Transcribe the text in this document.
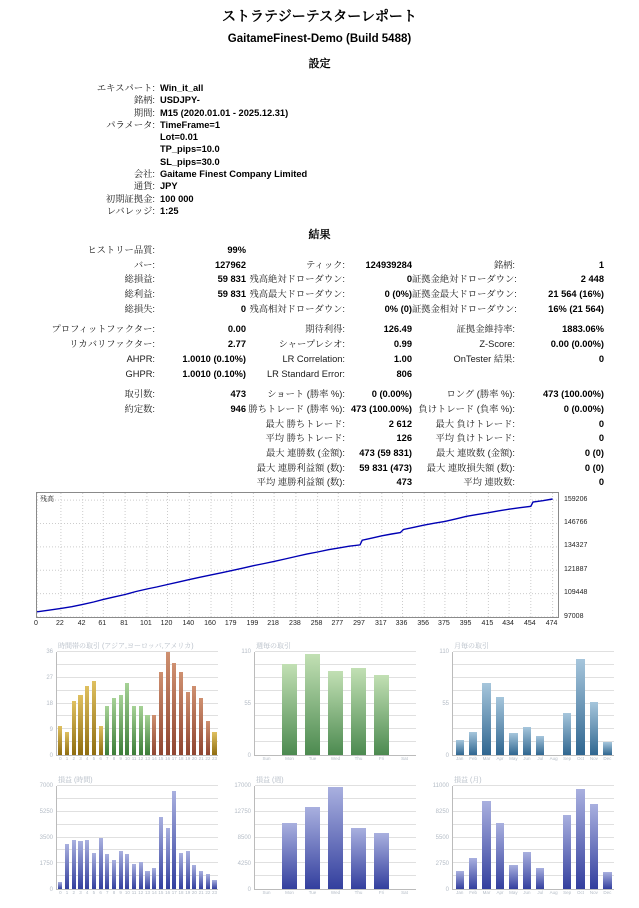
ストラテジーテスターレポート
GaitameFinest-Demo (Build 5488)
設定
エキスパート: Win_it_all
銘柄: USDJPY-
期間: M15 (2020.01.01 - 2025.12.31)
パラメータ: TimeFrame=1
Lot=0.01
TP_pips=10.0
SL_pips=30.0
会社: Gaitame Finest Company Limited
通貨: JPY
初期証拠金: 100 000
レバレッジ: 1:25
結果
ヒストリー品質:	99%
バー:	127962	ティック:	124939284	銘柄:	1
総損益:	59 831 残高絶対ドローダウン:	0 証拠金絶対ドローダウン:	2 448
総利益:	59 831 残高最大ドローダウン:	0 (0%) 証拠金最大ドローダウン:	21 564 (16%)
総損失:	0 残高相対ドローダウン:	0% (0) 証拠金相対ドローダウン:	16% (21 564)
プロフィットファクター:	0.00	期待利得:	126.49	証拠金維持率:	1883.06%
リカバリファクター:	2.77	シャープレシオ:	0.99	Z-Score:	0.00 (0.00%)
AHPR:	1.0010 (0.10%)	LR Correlation:	1.00	OnTester 結果:	0
GHPR:	1.0010 (0.10%)	LR Standard Error:	806
取引数:	473	ショート (勝率 %):	0 (0.00%)	ロング (勝率 %):	473 (100.00%)
約定数:	946 勝ちトレード (勝率 %): 473 (100.00%) 負けトレード (負率 %):	0 (0.00%)
最大 勝ちトレード:	2 612	最大 負けトレード:	0
平均 勝ちトレード:	126	平均 負けトレード:	0
最大 連勝数 (金額):	473 (59 831)	最大 連敗数 (金額):	0 (0)
最大 連勝利益額 (数):	59 831 (473)	最大 連敗損失額 (数):	0 (0)
平均 連勝利益額 (数):	473	平均 連敗数:	0
残高	159206
146766
134327
121887
109448
97008
0	22 42 61 81 101 120 140 160 179 199 218 238 258 277 297 317 336 356 375 395 415 434 454 474
時間帯の取引 (アジア,ヨーロッパ,アメリカ)
36
27
18
9
0	0 1 2 3 4 5 6 7 8 9 10 11 12 13 14 15 16 17 18 19 20 21 22 23
週毎の取引
110
55
0	Sun	Mon	Tue	Wed	Thu	Fri	Sat
月毎の取引
110
55
0	Jan	Feb	Mar	Apr	May	Jun	Jul	Aug	Sep	Oct	Nov	Dec
損益 (時間)
7000
5250
3500
1750
0	0 1 2 3 4 5 6 7 8 9 10 11 12 13 14 15 16 17 18 19 20 21 22 23
損益 (週)
17000
12750
8500
4250
0	Sun	Mon	Tue	Wed	Thu	Fri	Sat
損益 (月)
11000
8250
5500
2750
0	Jan	Feb	Mar	Apr	May	Jun	Jul	Aug	Sep	Oct	Nov	Dec
